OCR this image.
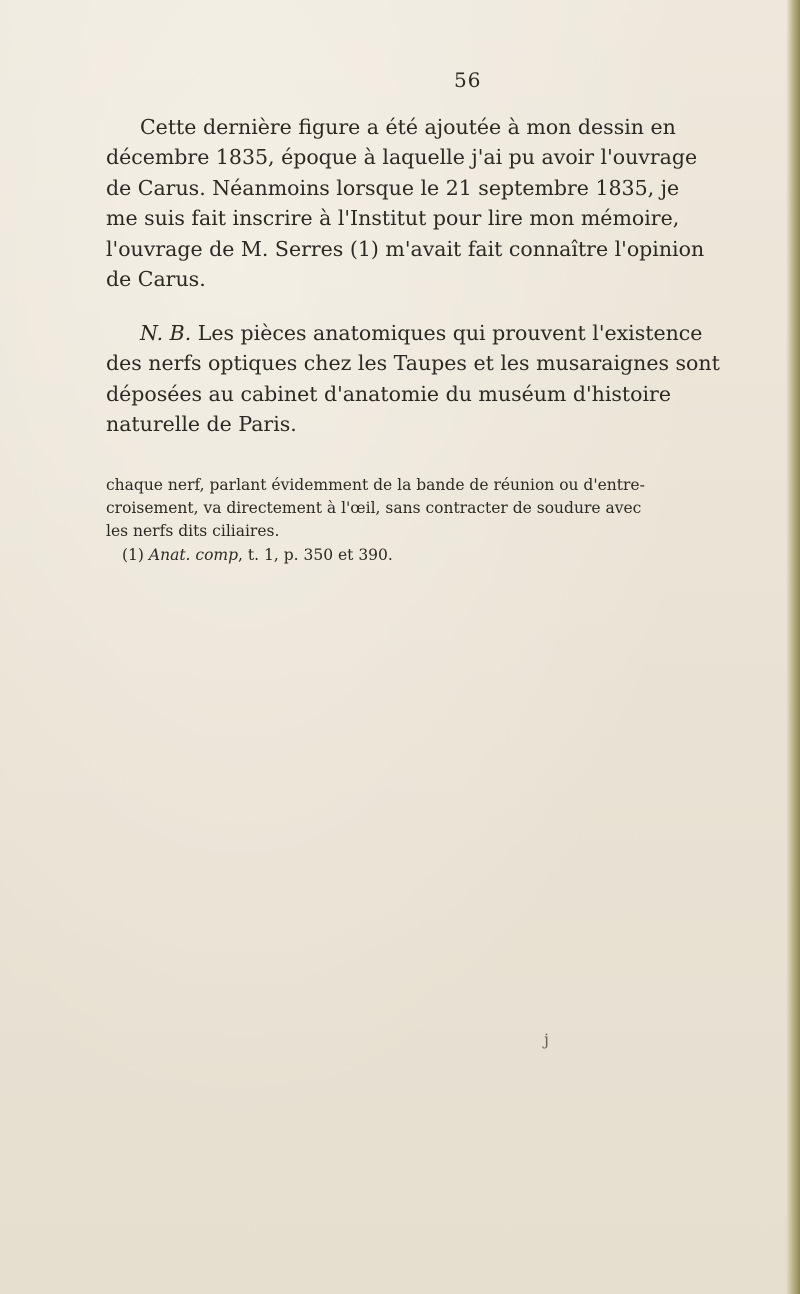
56

Cette dernière figure a été ajoutée à mon dessin en
décembre 1835, époque à laquelle j'ai pu avoir l'ouvrage
de Carus. Néanmoins lorsque le 21 septembre 1835, je
me suis fait inscrire à l'Institut pour lire mon mémoire,
l'ouvrage de M. Serres (1) m'avait fait connaître l'opinion
de Carus.

N. B. Les pièces anatomiques qui prouvent l'existence
des nerfs optiques chez les Taupes et les musaraignes sont
déposées au cabinet d'anatomie du muséum d'histoire
naturelle de Paris.

chaque nerf, parlant évidemment de la bande de réunion ou d'entre-
croisement, va directement à l'œil, sans contracter de soudure avec
les nerfs dits ciliaires.

(1) Anat. comp, t. 1, p. 350 et 390.

j
